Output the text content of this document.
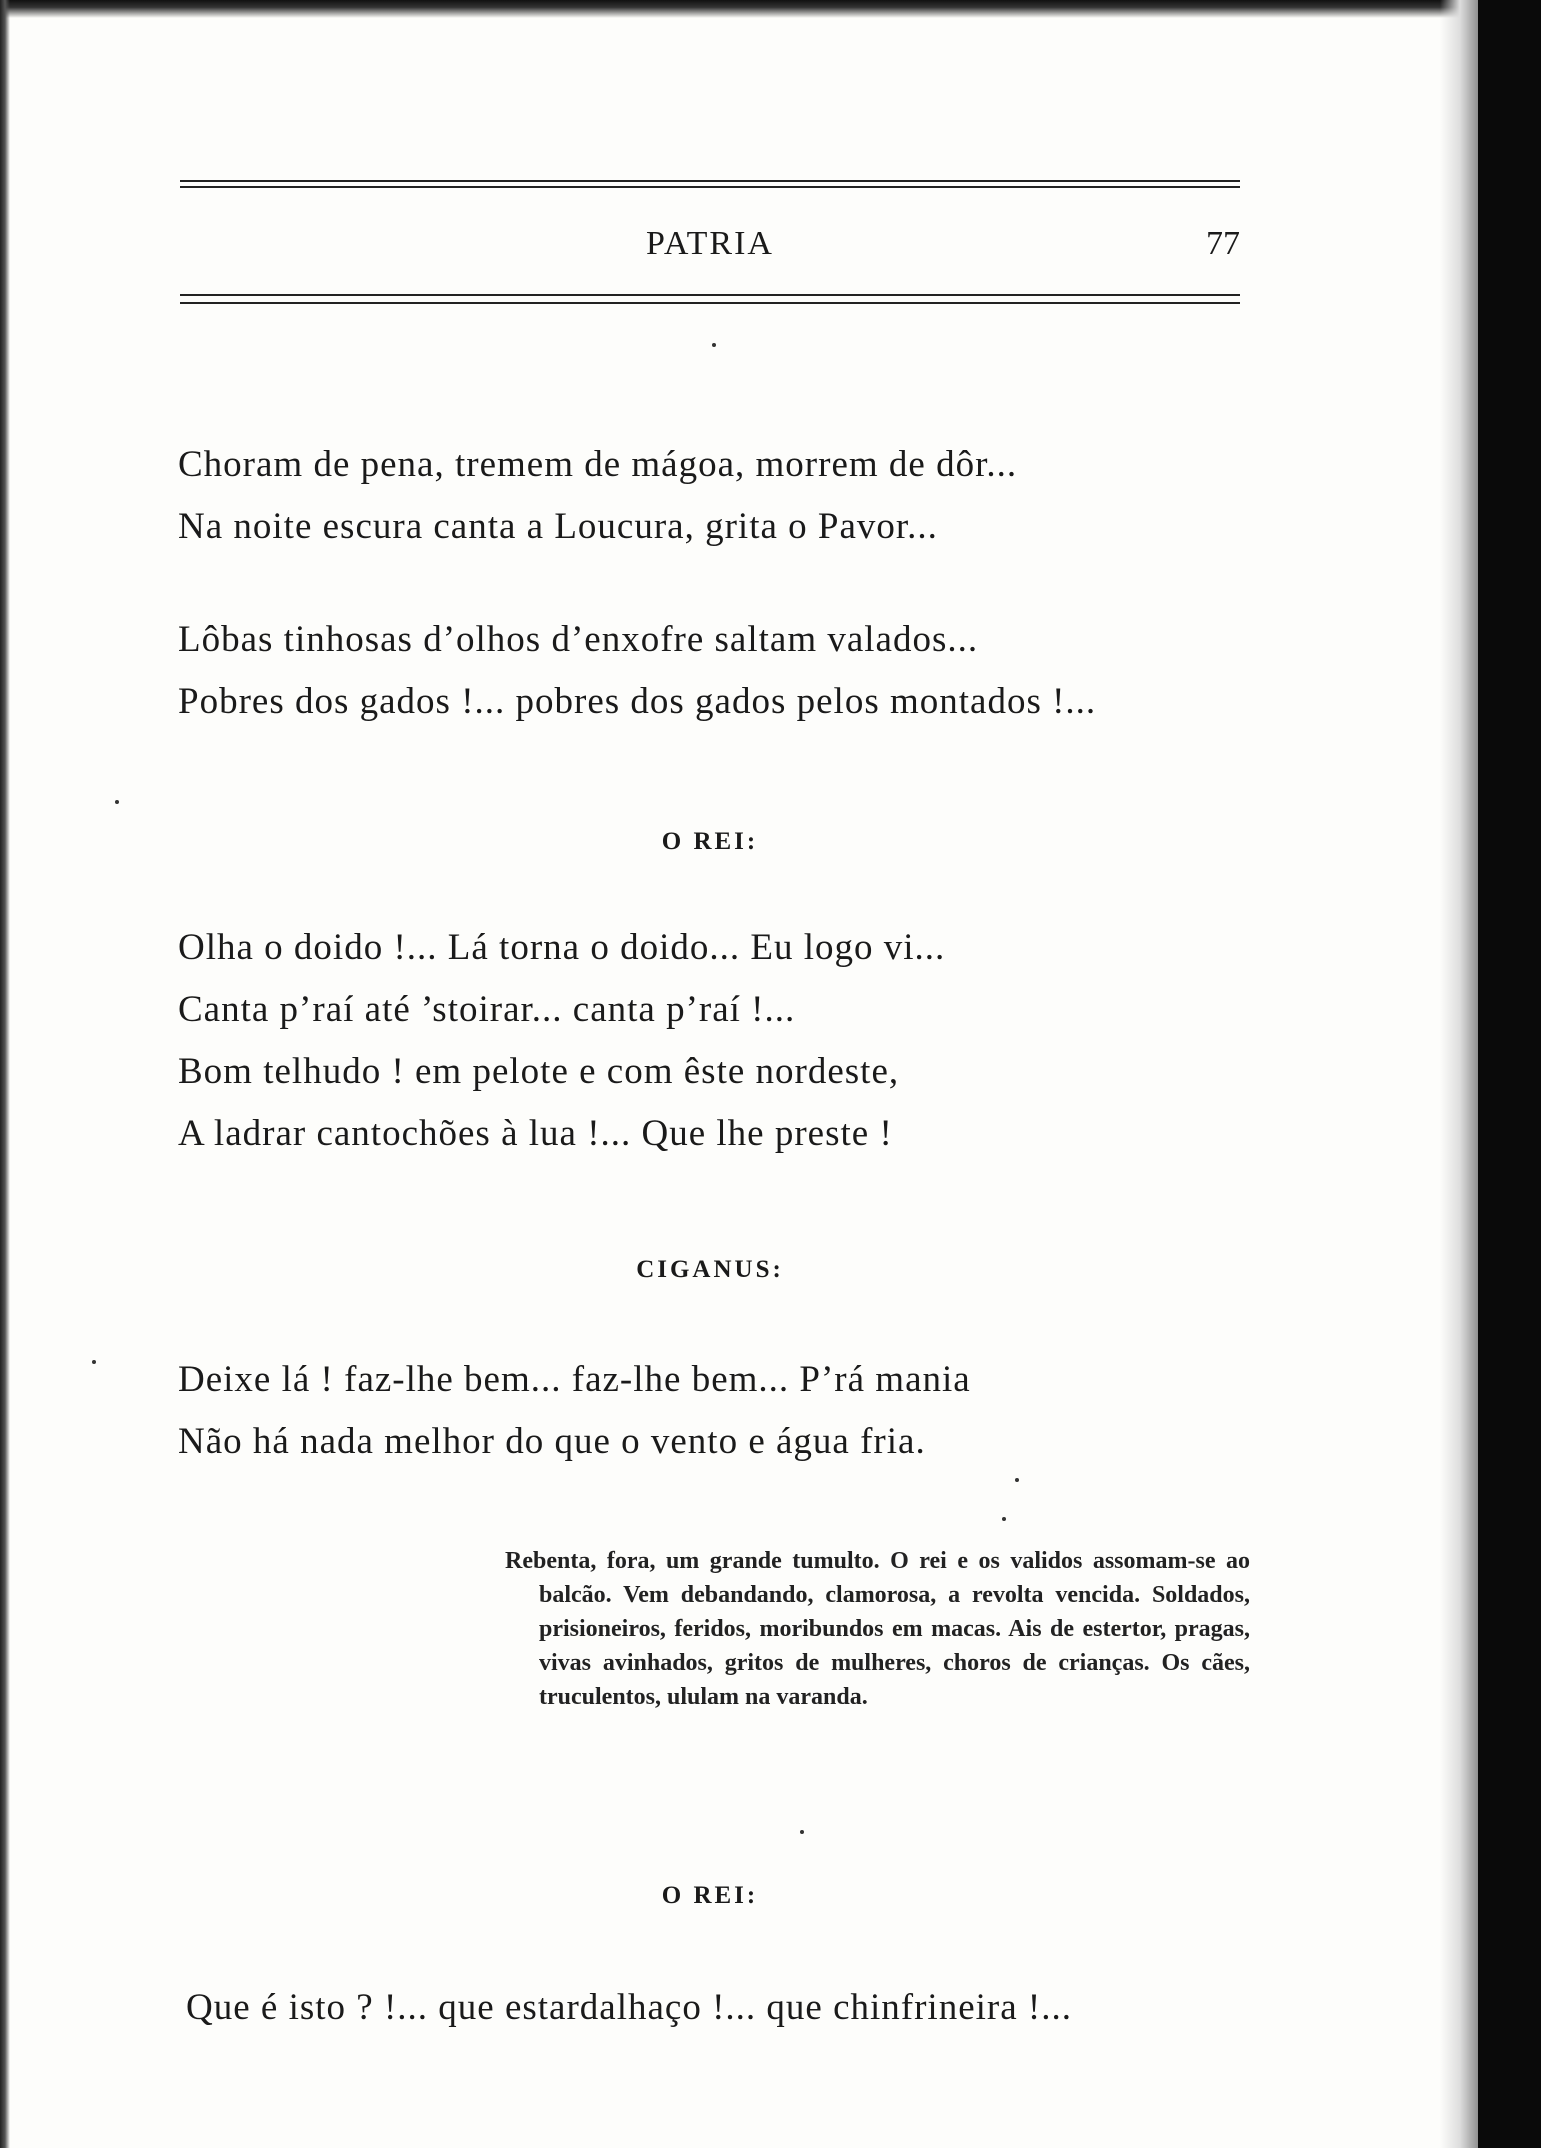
PATRIA	77
Choram de pena, tremem de mágoa, morrem de dôr...
Na noite escura canta a Loucura, grita o Pavor...
Lôbas tinhosas d’olhos d’enxofre saltam valados...
Pobres dos gados !... pobres dos gados pelos montados !...
O REI:
Olha o doido !... Lá torna o doido... Eu logo vi...
Canta p’raí até ’stoirar... canta p’raí !...
Bom telhudo ! em pelote e com êste nordeste,
A ladrar cantochões à lua !... Que lhe preste !
CIGANUS:
Deixe lá ! faz-lhe bem... faz-lhe bem... P’rá mania
Não há nada melhor do que o vento e água fria.
Rebenta, fora, um grande tumulto. O rei e os validos assomam-se ao balcão. Vem debandando, clamorosa, a revolta vencida. Soldados, prisioneiros, feridos, moribundos em macas. Ais de estertor, pragas, vivas avinhados, gritos de mulheres, choros de crianças. Os cães, truculentos, ululam na varanda.
O REI:
Que é isto ? !... que estardalhaço !... que chinfrineira !...
